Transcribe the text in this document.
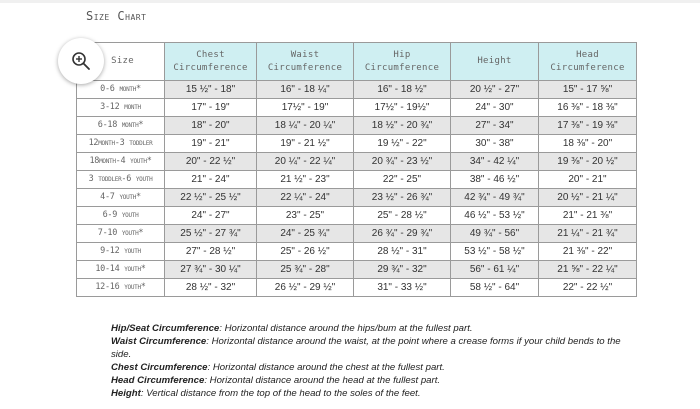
Size Chart
Size	Chest Circumference	Waist Circumference	Hip Circumference	Height	Head Circumference
0-6 month*	15 ½" - 18"	16" - 18 ¼"	16" - 18 ½"	20 ½" - 27"	15" - 17 ⅝"
3-12 month	17" - 19"	17½" - 19"	17½" - 19½"	24" - 30"	16 ⅜" - 18 ⅜"
6-18 month*	18" - 20"	18 ¼" - 20 ¼"	18 ½" - 20 ¾"	27" - 34"	17 ⅜" - 19 ⅜"
12month-3 toddler	19" - 21"	19" - 21 ½"	19 ½" - 22"	30" - 38"	18 ⅜" - 20"
18month-4 youth*	20" - 22 ½"	20 ¼" - 22 ¼"	20 ¾" - 23 ½"	34" - 42 ¼"	19 ⅜" - 20 ½"
3 toddler-6 youth	21" - 24"	21 ½" - 23"	22" - 25"	38" - 46 ½"	20" - 21"
4-7 youth*	22 ½" - 25 ½"	22 ¼" - 24"	23 ½" - 26 ¾"	42 ¾" - 49 ¾"	20 ½" - 21 ¼"
6-9 youth	24" - 27"	23" - 25"	25" - 28 ½"	46 ½" - 53 ½"	21" - 21 ⅜"
7-10 youth*	25 ½" - 27 ¾"	24" - 25 ¾"	26 ¾" - 29 ¾"	49 ¾" - 56"	21 ¼" - 21 ¾"
9-12 youth	27" - 28 ½"	25" - 26 ½"	28 ½" - 31"	53 ½" - 58 ½"	21 ⅜" - 22"
10-14 youth*	27 ¾" - 30 ¼"	25 ¾" - 28"	29 ¾" - 32"	56" - 61 ¼"	21 ⅝" - 22 ¼"
12-16 youth*	28 ½" - 32"	26 ½" - 29 ½"	31" - 33 ½"	58 ½" - 64"	22" - 22 ½"

Hip/Seat Circumference: Horizontal distance around the hips/bum at the fullest part.

Waist Circumference: Horizontal distance around the waist, at the point where a crease forms if your child bends to the side.

Chest Circumference: Horizontal distance around the chest at the fullest part.

Head Circumference: Horizontal distance around the head at the fullest part.

Height: Vertical distance from the top of the head to the soles of the feet.
